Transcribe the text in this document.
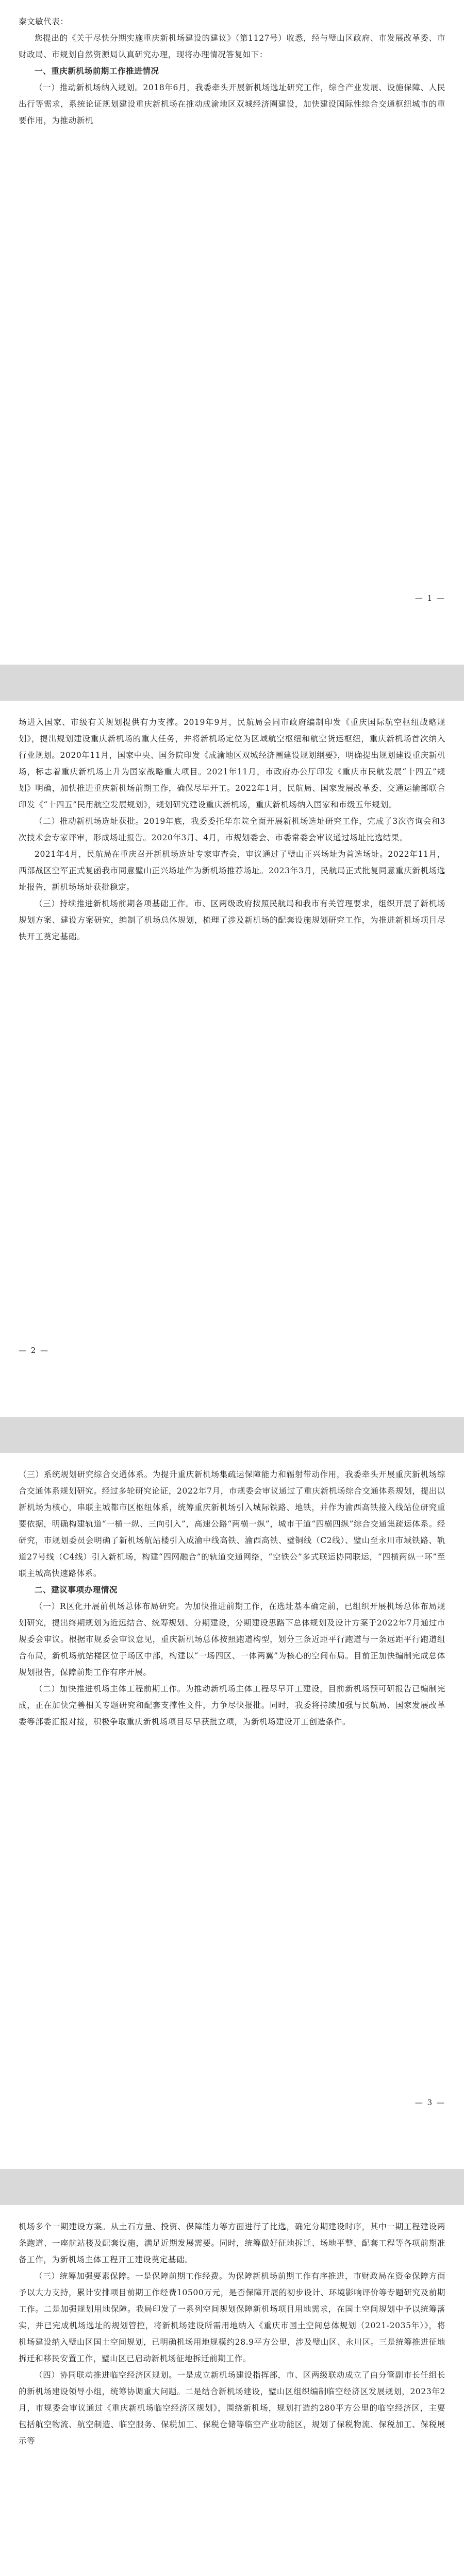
秦文敏代表：

您提出的《关于尽快分期实施重庆新机场建设的建议》（第1127号）收悉，经与璧山区政府、市发展改革委、市财政局、市规划自然资源局认真研究办理，现将办理情况答复如下：

一、重庆新机场前期工作推进情况

（一）推动新机场纳入规划。2018年6月，我委牵头开展新机场选址研究工作，综合产业发展、设施保障、人民出行等需求，系统论证规划建设重庆新机场在推动成渝地区双城经济圈建设，加快建设国际性综合交通枢纽城市的重要作用，为推动新机

— 1 —

场进入国家、市级有关规划提供有力支撑。2019年9月，民航局会同市政府编制印发《重庆国际航空枢纽战略规划》，提出规划建设重庆新机场的重大任务，并将新机场定位为区域航空枢纽和航空货运枢纽，重庆新机场首次纳入行业规划。2020年11月，国家中央、国务院印发《成渝地区双城经济圈建设规划纲要》，明确提出规划建设重庆新机场，标志着重庆新机场上升为国家战略重大项目。2021年11月，市政府办公厅印发《重庆市民航发展“十四五”规划》明确，加快推进重庆新机场前期工作，确保尽早开工。2022年1月，民航局、国家发展改革委、交通运输部联合印发《“十四五”民用航空发展规划》，规划研究建设重庆新机场，重庆新机场纳入国家和市级五年规划。

（二）推动新机场选址获批。2019年底，我委委托华东院全面开展新机场选址研究工作，完成了3次咨询会和3次技术会专家评审，形成场址报告。2020年3月、4月，市规划委会、市委常委会审议通过场址比选结果。

2021年4月，民航局在重庆召开新机场选址专家审查会，审议通过了璧山正兴场址为首选场址。2022年11月，西部战区空军正式复函我市同意璧山正兴场址作为新机场推荐场址。2023年3月，民航局正式批复同意重庆新机场选址报告，新机场场址获批稳定。

（三）持续推进新机场前期各项基础工作。市、区两级政府按照民航局和我市有关管理要求，组织开展了新机场规划方案、建设方案研究，编制了机场总体规划，梳理了涉及新机场的配套设施规划研究工作，为推进新机场项目尽快开工奠定基础。

— 2 —

（三）系统规划研究综合交通体系。为提升重庆新机场集疏运保障能力和辐射带动作用，我委牵头开展重庆新机场综合交通体系规划研究。经过多轮研究论证，2022年7月，市规委会审议通过了重庆新机场综合交通体系规划，提出以新机场为核心，串联主城都市区枢纽体系，统筹重庆新机场引入城际铁路、地铁，并作为渝西高铁接入线站位研究重要依据，明确构建轨道“一横一纵、三向引入”，高速公路“两横一纵”，城市干道“四横四纵”综合交通集疏运体系。经研究，市规划委员会明确了新机场航站楼引入成渝中线高铁、渝西高铁、璧铜线（C2线）、璧山至永川市域铁路、轨道27号线（C4线）引入新机场，构建“四网融合”的轨道交通网络，“空铁公”多式联运协同联运，“四横两纵一环”至联主城高快速路体系。

二、建议事项办理情况

（一）R区化开展前机场总体布局研究。为加快推进前期工作，在选址基本确定前，已组织开展机场总体布局规划研究，提出终期规划为近远结合、统筹规划、分期建设，分期建设思路下总体规划及设计方案于2022年7月通过市规委会审议。根据市规委会审议意见，重庆新机场总体按照跑道构型，划分三条近距平行跑道与一条远距平行跑道组合布局，新机场航站楼区位于场区中部，构建以“一场四区、一体两翼”为核心的空间布局。目前正加快编制完成总体规划报告，保障前期工作有序开展。

（二）加快推进机场主体工程前期工作。为推动新机场主体工程尽早开工建设，目前新机场预可研报告已编制完成，正在加快完善相关专题研究和配套支撑性文件，力争尽快报批。同时，我委将持续加强与民航局、国家发展改革委等部委汇报对接，积极争取重庆新机场项目尽早获批立项，为新机场建设开工创造条件。

— 3 —

机场多个一期建设方案。从土石方量、投资、保障能力等方面进行了比选，确定分期建设时序，其中一期工程建设两条跑道、一座航站楼及配套设施，满足近期发展需要。同时，统筹做好征地拆迁、场地平整、配套工程等各项前期准备工作，为新机场主体工程开工建设奠定基础。

（三）统筹加强要素保障。一是保障前期工作经费。为保障新机场前期工作有序推进，市财政局在资金保障方面予以大力支持，累计安排项目前期工作经费10500万元，是否保障开展的初步设计、环境影响评价等专题研究及前期工作。二是加强规划用地保障。我局印发了一系列空间规划保障新机场项目用地需求，在国土空间规划中予以统筹落实，并已完成机场选址的规划管控，将新机场建设所需用地纳入《重庆市国土空间总体规划（2021-2035年）》，将机场建设纳入璧山区国土空间规划，已明确机场用地规模约28.9平方公里，涉及璧山区、永川区。三是统筹推进征地拆迁和移民安置工作，璧山区已启动新机场征地拆迁前期工作。

（四）协同联动推进临空经济区规划。一是成立新机场建设指挥部，市、区两级联动成立了由分管副市长任组长的新机场建设领导小组，统筹协调重大问题。二是结合新机场建设，璧山区组织编制临空经济区发展规划，2023年2月，市规委会审议通过《重庆新机场临空经济区规划》，围绕新机场，规划打造约280平方公里的临空经济区，主要包括航空物流、航空制造、临空服务、保税加工、保税仓储等临空产业功能区，规划了保税物流、保税加工、保税展示等
